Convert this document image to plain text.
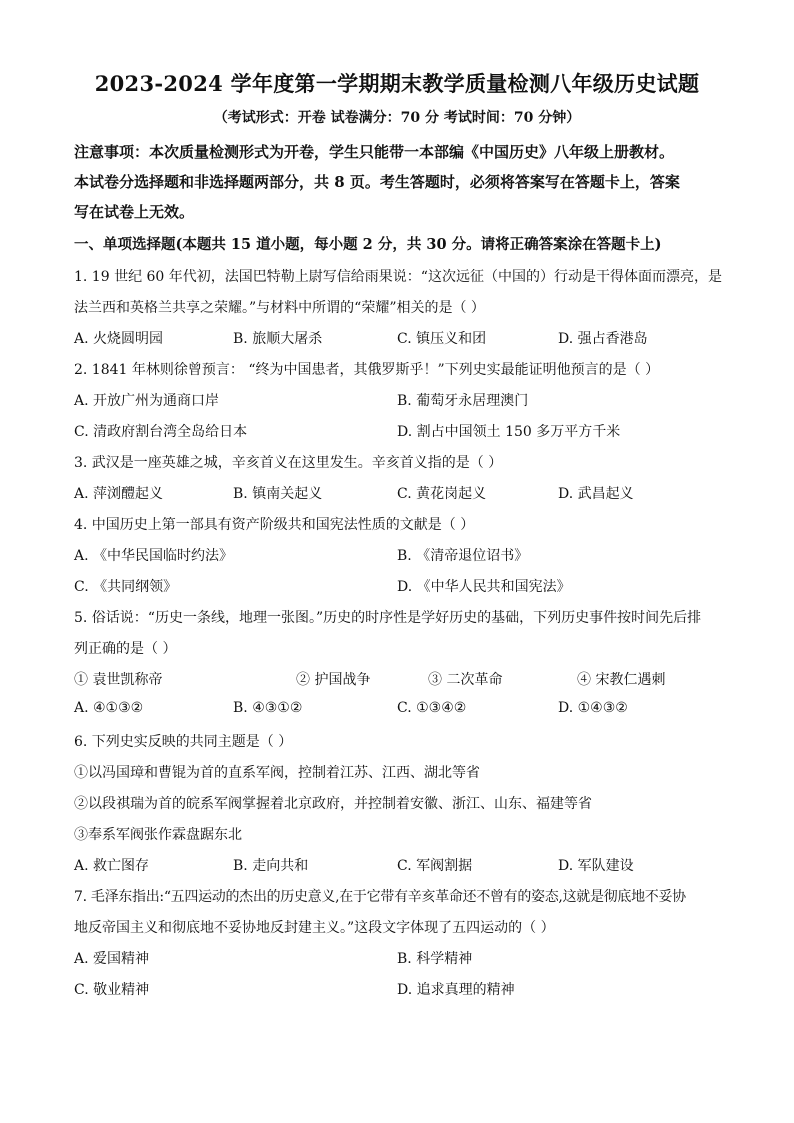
2023-2024 学年度第一学期期末教学质量检测八年级历史试题
（考试形式：开卷 试卷满分：70 分 考试时间：70 分钟）
注意事项：本次质量检测形式为开卷，学生只能带一本部编《中国历史》八年级上册教材。
本试卷分选择题和非选择题两部分，共 8 页。考生答题时，必须将答案写在答题卡上，答案
写在试卷上无效。
一、单项选择题(本题共 15 道小题，每小题 2 分，共 30 分。请将正确答案涂在答题卡上)
1. 19 世纪 60 年代初，法国巴特勒上尉写信给雨果说：“这次远征（中国的）行动是干得体面而漂亮，是
法兰西和英格兰共享之荣耀。”与材料中所谓的“荣耀”相关的是（ ）
A. 火烧圆明园	B. 旅顺大屠杀	C. 镇压义和团	D. 强占香港岛
2. 1841 年林则徐曾预言： “终为中国患者，其俄罗斯乎！”下列史实最能证明他预言的是（ ）
A. 开放广州为通商口岸	B. 葡萄牙永居理澳门
C. 清政府割台湾全岛给日本	D. 割占中国领土 150 多万平方千米
3. 武汉是一座英雄之城，辛亥首义在这里发生。辛亥首义指的是（ ）
A. 萍浏醴起义	B. 镇南关起义	C. 黄花岗起义	D. 武昌起义
4. 中国历史上第一部具有资产阶级共和国宪法性质的文献是（ ）
A. 《中华民国临时约法》	B. 《清帝退位诏书》
C. 《共同纲领》	D. 《中华人民共和国宪法》
5. 俗话说：“历史一条线，地理一张图。”历史的时序性是学好历史的基础，下列历史事件按时间先后排
列正确的是（ ）
① 袁世凯称帝	② 护国战争	③ 二次革命	④ 宋教仁遇刺
A. ④①③②	B. ④③①②	C. ①③④②	D. ①④③②
6. 下列史实反映的共同主题是（ ）
①以冯国璋和曹锟为首的直系军阀，控制着江苏、江西、湖北等省
②以段祺瑞为首的皖系军阀掌握着北京政府，并控制着安徽、浙江、山东、福建等省
③奉系军阀张作霖盘踞东北
A. 救亡图存	B. 走向共和	C. 军阀割据	D. 军队建设
7. 毛泽东指出:“五四运动的杰出的历史意义,在于它带有辛亥革命还不曾有的姿态,这就是彻底地不妥协
地反帝国主义和彻底地不妥协地反封建主义。”这段文字体现了五四运动的（ ）
A. 爱国精神	B. 科学精神
C. 敬业精神	D. 追求真理的精神
